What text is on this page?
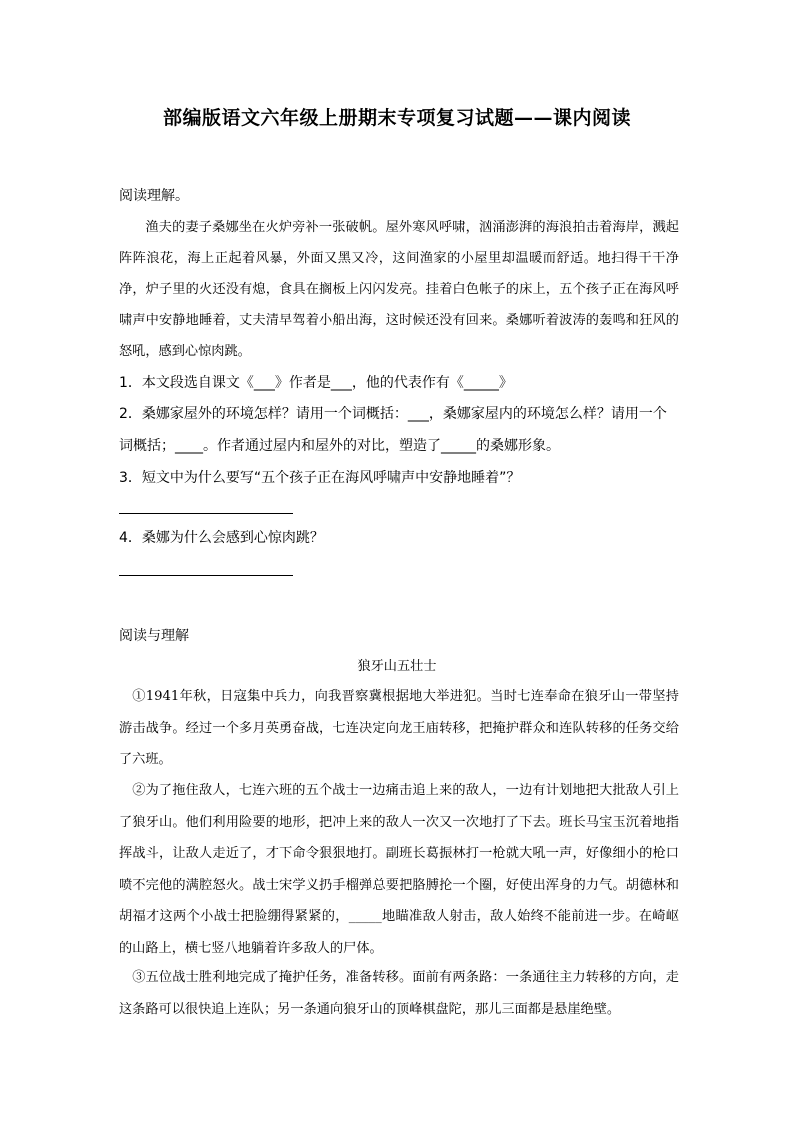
部编版语文六年级上册期末专项复习试题——课内阅读
阅读理解。

渔夫的妻子桑娜坐在火炉旁补一张破帆。屋外寒风呼啸，汹涌澎湃的海浪拍击着海岸，溅起阵阵浪花，海上正起着风暴，外面又黑又冷，这间渔家的小屋里却温暖而舒适。地扫得干干净净，炉子里的火还没有熄，食具在搁板上闪闪发亮。挂着白色帐子的床上，五个孩子正在海风呼啸声中安静地睡着，丈夫清早驾着小船出海，这时候还没有回来。桑娜听着波涛的轰鸣和狂风的怒吼，感到心惊肉跳。

1．本文段选自课文《___》作者是___，他的代表作有《_____》

2．桑娜家屋外的环境怎样？请用一个词概括：___，桑娜家屋内的环境怎么样？请用一个词概括；____。作者通过屋内和屋外的对比，塑造了_____的桑娜形象。

3．短文中为什么要写“五个孩子正在海风呼啸声中安静地睡着”？

4．桑娜为什么会感到心惊肉跳？

阅读与理解
狼牙山五壮士

①1941年秋，日寇集中兵力，向我晋察冀根据地大举进犯。当时七连奉命在狼牙山一带坚持游击战争。经过一个多月英勇奋战，七连决定向龙王庙转移，把掩护群众和连队转移的任务交给了六班。

②为了拖住敌人，七连六班的五个战士一边痛击追上来的敌人，一边有计划地把大批敌人引上了狼牙山。他们利用险要的地形，把冲上来的敌人一次又一次地打了下去。班长马宝玉沉着地指挥战斗，让敌人走近了，才下命令狠狠地打。副班长葛振林打一枪就大吼一声，好像细小的枪口喷不完他的满腔怒火。战士宋学义扔手榴弹总要把胳膊抡一个圈，好使出浑身的力气。胡德林和胡福才这两个小战士把脸绷得紧紧的，_____地瞄准敌人射击，敌人始终不能前进一步。在崎岖的山路上，横七竖八地躺着许多敌人的尸体。

③五位战士胜利地完成了掩护任务，准备转移。面前有两条路：一条通往主力转移的方向，走这条路可以很快追上连队；另一条通向狼牙山的顶峰棋盘陀，那儿三面都是悬崖绝壁。
